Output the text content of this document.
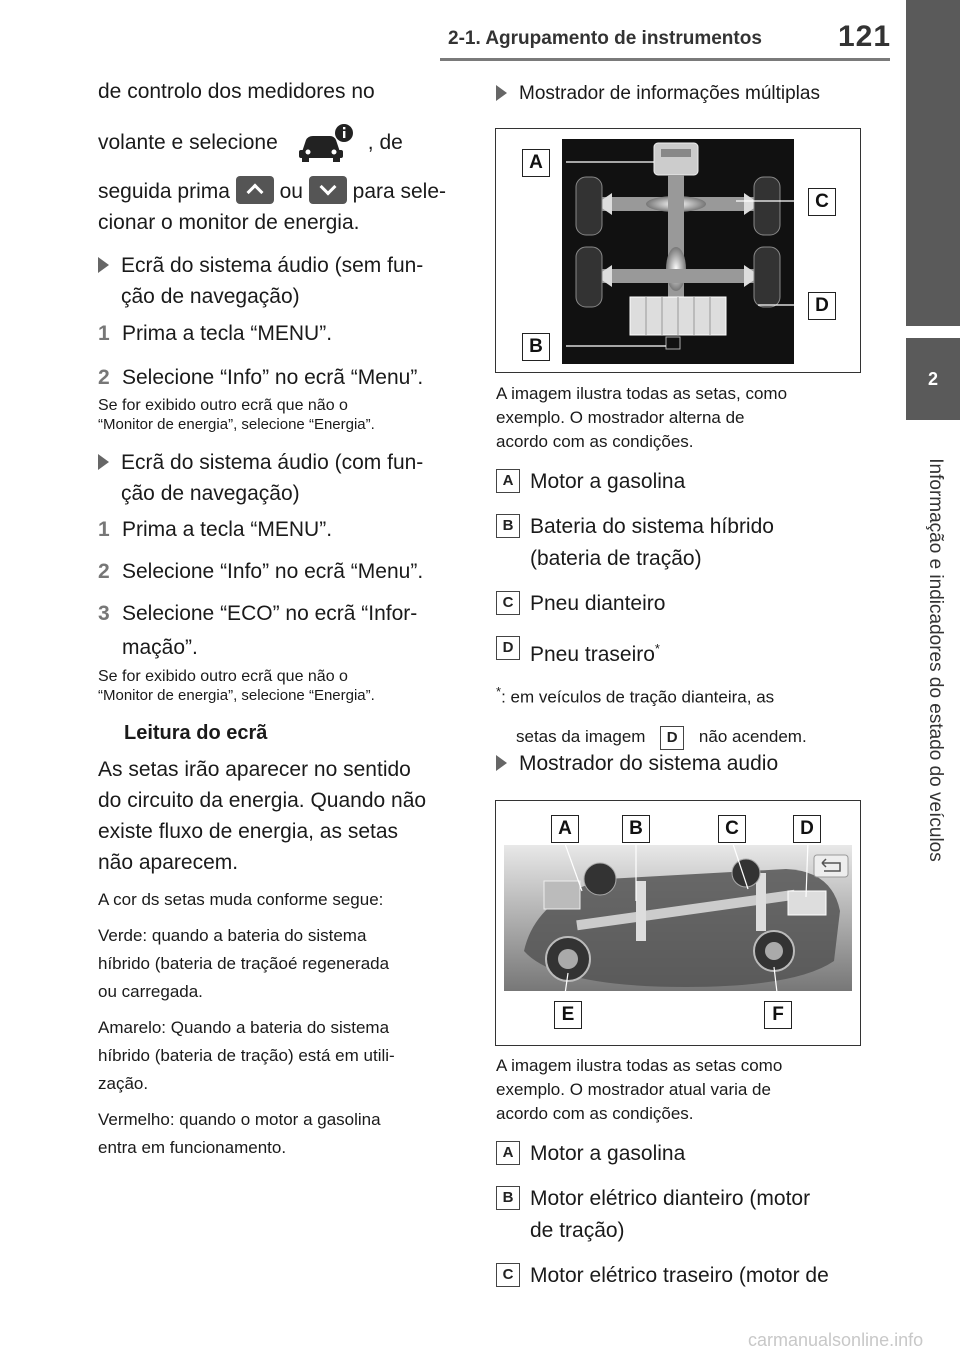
2-1. Agrupamento de instrumentos	121
2
Informação e indicadores do estado do veículos

de controlo dos medidores no

volante e selecione	, de

seguida prima ou para sele-

cionar o monitor de energia.

Ecrã do sistema áudio (sem fun-

ção de navegação)

1 Prima a tecla “MENU”.

2 Selecione “Info” no ecrã “Menu”.

Se for exibido outro ecrã que não o

“Monitor de energia”, selecione “Energia”.

Ecrã do sistema áudio (com fun-

ção de navegação)

1 Prima a tecla “MENU”.

2 Selecione “Info” no ecrã “Menu”.

3 Selecione “ECO” no ecrã “Infor-

mação”.

Se for exibido outro ecrã que não o

“Monitor de energia”, selecione “Energia”.

Leitura do ecrã

As setas irão aparecer no sentido

do circuito da energia. Quando não

existe fluxo de energia, as setas

não aparecem.

A cor ds setas muda conforme segue:

Verde: quando a bateria do sistema

híbrido (bateria de traçãoé regenerada

ou carregada.

Amarelo: Quando a bateria do sistema

híbrido (bateria de tração) está em utili-

zação.

Vermelho: quando o motor a gasolina

entra em funcionamento.

Mostrador de informações múltiplas

A
C
D
B

A imagem ilustra todas as setas, como

exemplo. O mostrador alterna de

acordo com as condições.

A Motor a gasolina
B Bateria do sistema híbrido
(bateria de tração)
C Pneu dianteiro
D Pneu traseiro*

*: em veículos de tração dianteira, as

setas da imagem D não acendem.

Mostrador do sistema audio

A	B	C	D
E	F

A imagem ilustra todas as setas como

exemplo. O mostrador atual varia de

acordo com as condições.

A Motor a gasolina
B Motor elétrico dianteiro (motor
de tração)
C Motor elétrico traseiro (motor de
carmanualsonline.info
